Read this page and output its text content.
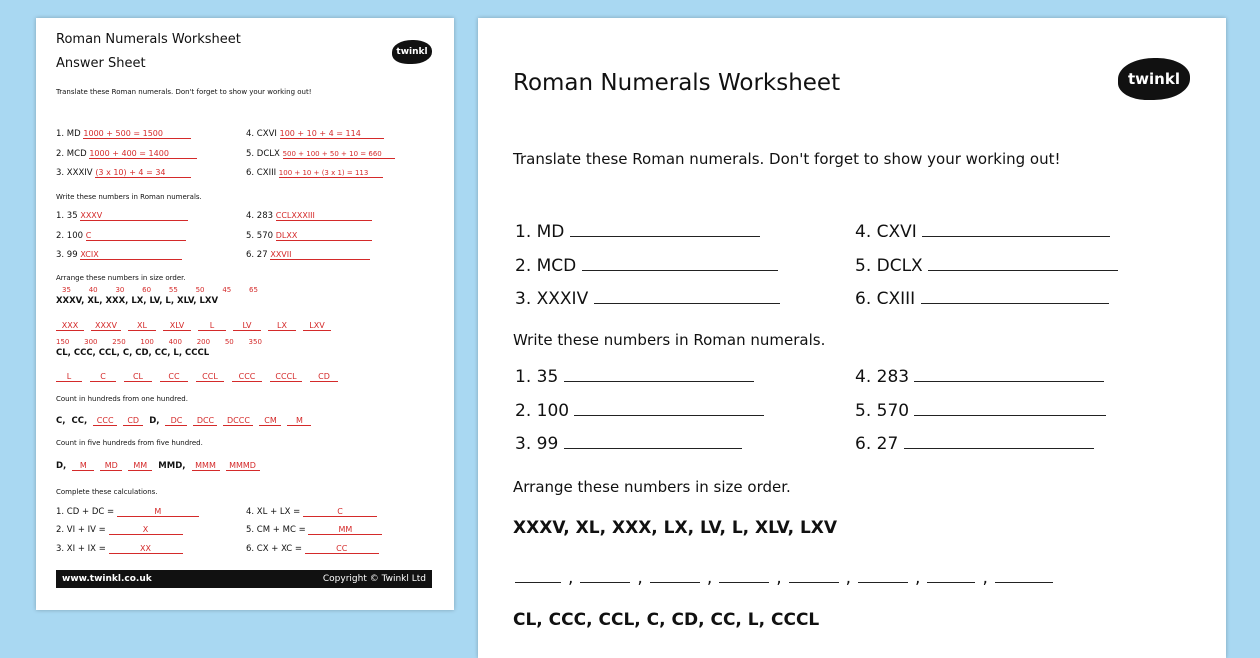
Roman Numerals Worksheet
Answer Sheet
twinkl
Translate these Roman numerals. Don't forget to show your working out!
1. MD 1000 + 500 = 1500
2. MCD 1000 + 400 = 1400
3. XXXIV (3 x 10) + 4 = 34
4. CXVI 100 + 10 + 4 = 114
5. DCLX 500 + 100 + 50 + 10 = 660
6. CXIII 100 + 10 + (3 x 1) = 113
Write these numbers in Roman numerals.
1. 35 XXXV
2. 100 C
3. 99 XCIX
4. 283 CCLXXXIII
5. 570 DLXX
6. 27 XXVII
Arrange these numbers in size order.
35	40	30	60	55	50	45	65
XXXV, XL, XXX, LX, LV, L, XLV, LXV
XXX	XXXV	XL	XLV	L	LV	LX	LXV
150 300 250 100 400 200 50 350
CL, CCC, CCL, C, CD, CC, L, CCCL
L	C	CL	CC	CCL	CCC	CCCL	CD
Count in hundreds from one hundred.
C, CC,	CCC	CD	D,	DC	DCC	DCCC	CM	M
Count in five hundreds from five hundred.
D,	M	MD	MM	MMD,	MMM	MMMD
Complete these calculations.
1. CD + DC =	M
2. VI + IV =	X
3. XI + IX =	XX
4. XL + LX =	C
5. CM + MC =	MM
6. CX + XC =	CC
www.twinkl.co.uk	Copyright © Twinkl Ltd
Roman Numerals Worksheet	twinkl
Translate these Roman numerals. Don't forget to show your working out!
1. MD
2. MCD
3. XXXIV
4. CXVI
5. DCLX
6. CXIII
Write these numbers in Roman numerals.
1. 35
2. 100
3. 99
4. 283
5. 570
6. 27
Arrange these numbers in size order.
XXXV, XL, XXX, LX, LV, L, XLV, LXV
,	,	,	,	,	,	,
CL, CCC, CCL, C, CD, CC, L, CCCL
